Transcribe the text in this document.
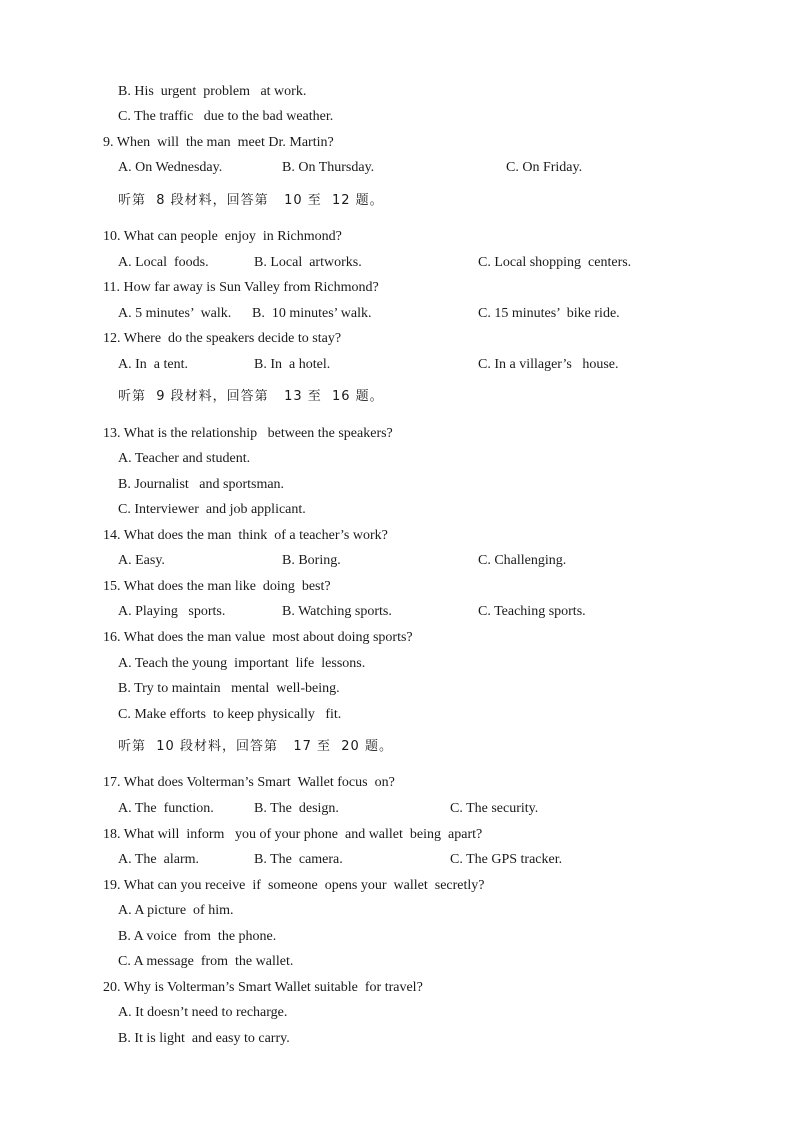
B. His  urgent  problem   at work.
C. The traffic   due to the bad weather.
9. When  will  the man  meet Dr. Martin?
A. On Wednesday.	B. On Thursday.	C. On Friday.
听第  8 段材料，回答第   10 至  12 题。
10. What can people  enjoy  in Richmond?
A. Local  foods.	B. Local  artworks.	C. Local shopping  centers.
11. How far away is Sun Valley from Richmond?
A. 5 minutes’  walk. B.  10 minutes’ walk.	C. 15 minutes’  bike ride.
12. Where  do the speakers decide to stay?
A. In  a tent.	B. In  a hotel.	C. In a villager’s   house.
听第  9 段材料，回答第   13 至  16 题。
13. What is the relationship   between the speakers?
A. Teacher and student.
B. Journalist   and sportsman.
C. Interviewer  and job applicant.
14. What does the man  think  of a teacher’s work?
A. Easy.	B. Boring.	C. Challenging.
15. What does the man like  doing  best?
A. Playing   sports.	B. Watching sports.	C. Teaching sports.
16. What does the man value  most about doing sports?
A. Teach the young  important  life  lessons.
B. Try to maintain   mental  well-being.
C. Make efforts  to keep physically   fit.
听第  10 段材料，回答第   17 至  20 题。
17. What does Volterman’s Smart  Wallet focus  on?
A. The  function.	B. The  design.	C. The security.
18. What will  inform   you of your phone  and wallet  being  apart?
A. The  alarm.	B. The  camera.	C. The GPS tracker.
19. What can you receive  if  someone  opens your  wallet  secretly?
A. A picture  of him.
B. A voice  from  the phone.
C. A message  from  the wallet.
20. Why is Volterman’s Smart Wallet suitable  for travel?
A. It doesn’t need to recharge.
B. It is light  and easy to carry.
